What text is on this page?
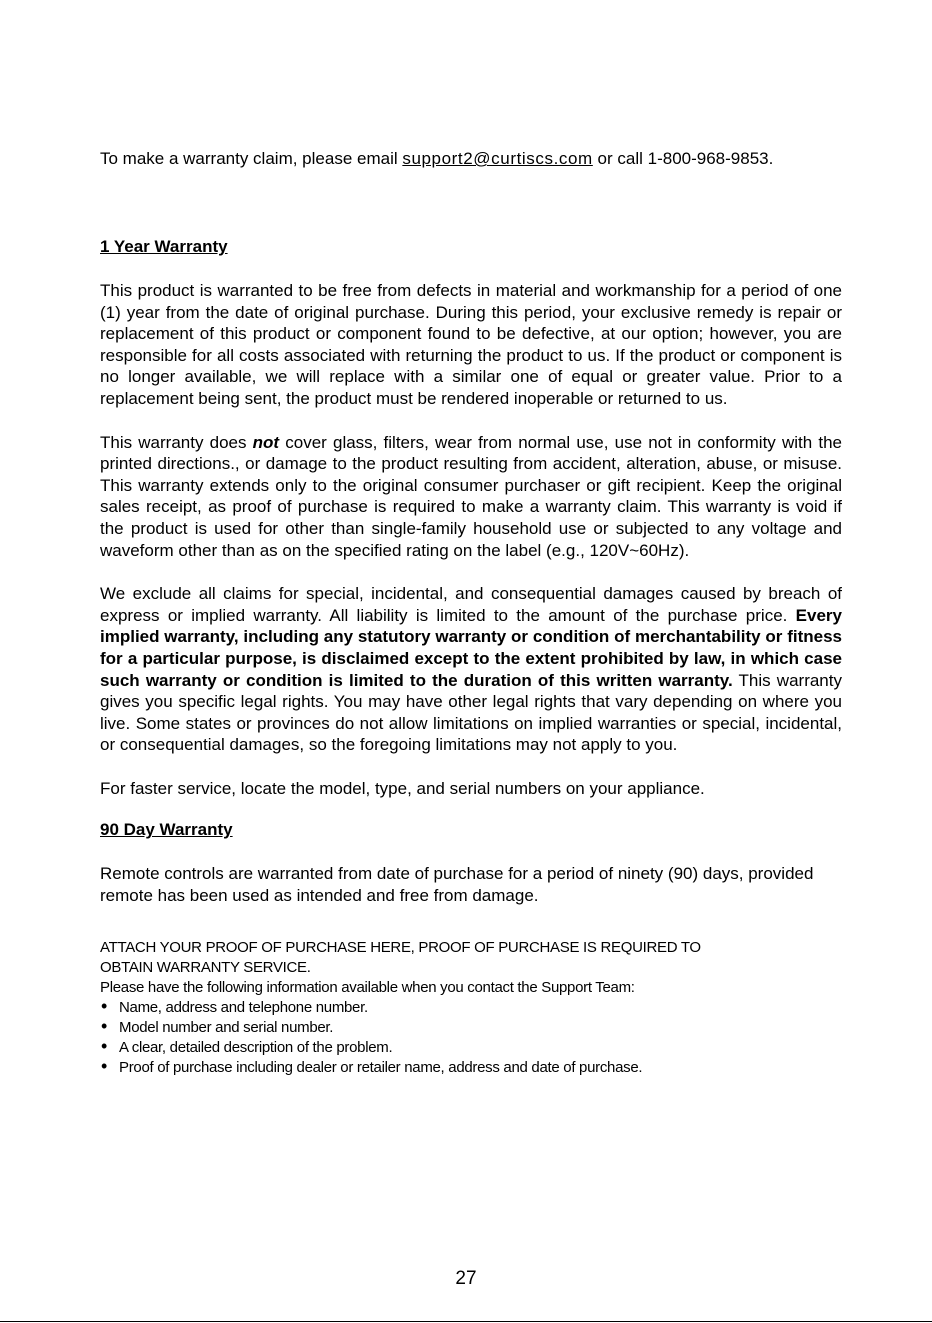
To make a warranty claim, please email support2@curtiscs.com or call 1-800-968-9853.

1 Year Warranty

This product is warranted to be free from defects in material and workmanship for a period of one (1) year from the date of original purchase. During this period, your exclusive remedy is repair or replacement of this product or component found to be defective, at our option; however, you are responsible for all costs associated with returning the product to us. If the product or component is no longer available, we will replace with a similar one of equal or greater value. Prior to a replacement being sent, the product must be rendered inoperable or returned to us.

This warranty does not cover glass, filters, wear from normal use, use not in conformity with the printed directions., or damage to the product resulting from accident, alteration, abuse, or misuse. This warranty extends only to the original consumer purchaser or gift recipient. Keep the original sales receipt, as proof of purchase is required to make a warranty claim. This warranty is void if the product is used for other than single-family household use or subjected to any voltage and waveform other than as on the specified rating on the label (e.g., 120V~60Hz).

We exclude all claims for special, incidental, and consequential damages caused by breach of express or implied warranty. All liability is limited to the amount of the purchase price. Every implied warranty, including any statutory warranty or condition of merchantability or fitness for a particular purpose, is disclaimed except to the extent prohibited by law, in which case such warranty or condition is limited to the duration of this written warranty. This warranty gives you specific legal rights. You may have other legal rights that vary depending on where you live. Some states or provinces do not allow limitations on implied warranties or special, incidental, or consequential damages, so the foregoing limitations may not apply to you.

For faster service, locate the model, type, and serial numbers on your appliance.

90 Day Warranty

Remote controls are warranted from date of purchase for a period of ninety (90) days, provided remote has been used as intended and free from damage.

ATTACH YOUR PROOF OF PURCHASE HERE, PROOF OF PURCHASE IS REQUIRED TO

OBTAIN WARRANTY SERVICE.

Please have the following information available when you contact the Support Team:

• Name, address and telephone number.
• Model number and serial number.
• A clear, detailed description of the problem.
• Proof of purchase including dealer or retailer name, address and date of purchase.
27
